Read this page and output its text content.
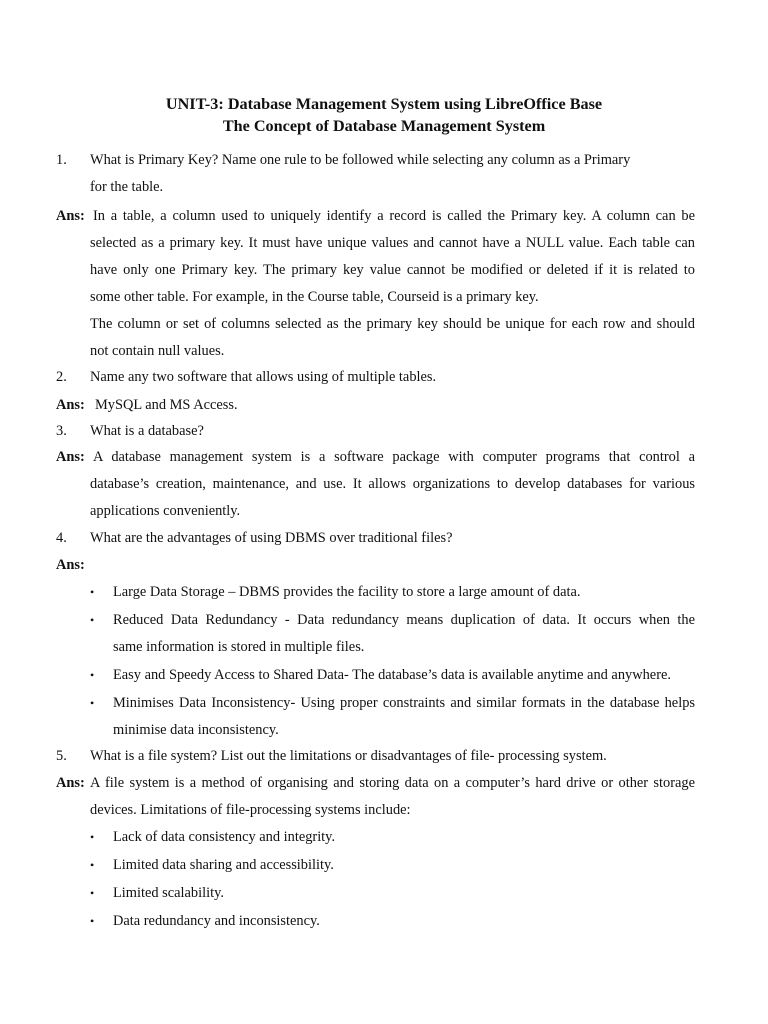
UNIT-3: Database Management System using LibreOffice Base
The Concept of Database Management System
1. What is Primary Key? Name one rule to be followed while selecting any column as a Primary
for the table.
Ans: In a table, a column used to uniquely identify a record is called the Primary key. A column can be
selected as a primary key. It must have unique values and cannot have a NULL value. Each table can
have only one Primary key. The primary key value cannot be modified or deleted if it is related to
some other table. For example, in the Course table, Courseid is a primary key.
The column or set of columns selected as the primary key should be unique for each row and should
not contain null values.
2. Name any two software that allows using of multiple tables.
Ans: MySQL and MS Access.
3. What is a database?
Ans: A database management system is a software package with computer programs that control a
database’s creation, maintenance, and use. It allows organizations to develop databases for various
applications conveniently.
4. What are the advantages of using DBMS over traditional files?
Ans:
• Large Data Storage – DBMS provides the facility to store a large amount of data.
• Reduced Data Redundancy - Data redundancy means duplication of data. It occurs when the
same information is stored in multiple files.
• Easy and Speedy Access to Shared Data- The database’s data is available anytime and anywhere.
• Minimises Data Inconsistency- Using proper constraints and similar formats in the database helps
minimise data inconsistency.
5. What is a file system? List out the limitations or disadvantages of file- processing system.
Ans: A file system is a method of organising and storing data on a computer’s hard drive or other storage
devices. Limitations of file-processing systems include:
• Lack of data consistency and integrity.
• Limited data sharing and accessibility.
• Limited scalability.
• Data redundancy and inconsistency.
